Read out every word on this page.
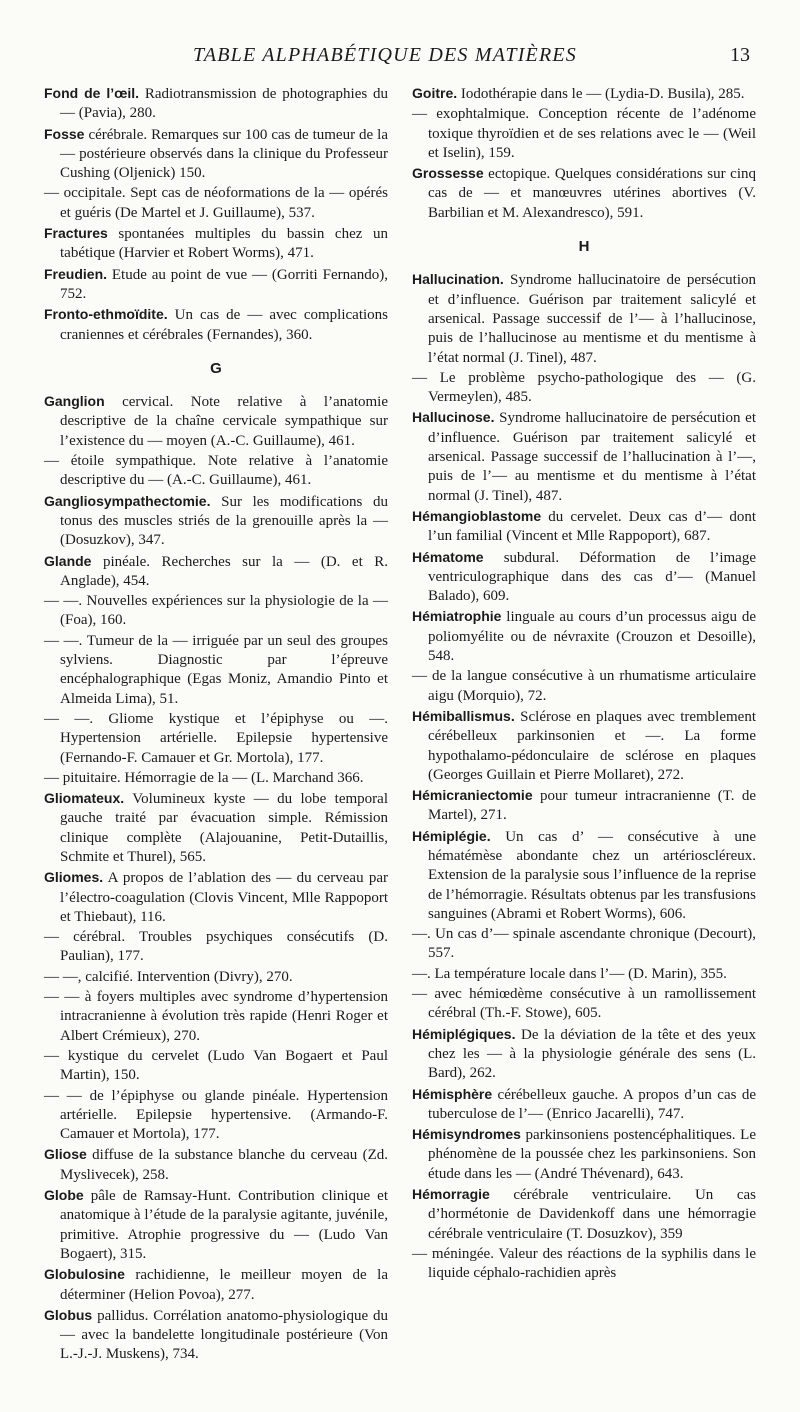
TABLE ALPHABÉTIQUE DES MATIÈRES	13
Fond de l’œil. Radiotransmission de photographies du — (Pavia), 280.
Fosse cérébrale. Remarques sur 100 cas de tumeur de la — postérieure observés dans la clinique du Professeur Cushing (Oljenick) 150.
— occipitale. Sept cas de néoformations de la — opérés et guéris (De Martel et J. Guillaume), 537.
Fractures spontanées multiples du bassin chez un tabétique (Harvier et Robert Worms), 471.
Freudien. Etude au point de vue — (Gorriti Fernando), 752.
Fronto-ethmoïdite. Un cas de — avec complications craniennes et cérébrales (Fernandes), 360.
G
Ganglion cervical. Note relative à l’anatomie descriptive de la chaîne cervicale sympathique sur l’existence du — moyen (A.-C. Guillaume), 461.
— étoile sympathique. Note relative à l’anatomie descriptive du — (A.-C. Guillaume), 461.
Gangliosympathectomie. Sur les modifications du tonus des muscles striés de la grenouille après la — (Dosuzkov), 347.
Glande pinéale. Recherches sur la — (D. et R. Anglade), 454.
— —. Nouvelles expériences sur la physiologie de la — (Foa), 160.
— —. Tumeur de la — irriguée par un seul des groupes sylviens. Diagnostic par l’épreuve encéphalographique (Egas Moniz, Amandio Pinto et Almeida Lima), 51.
— —. Gliome kystique et l’épiphyse ou —. Hypertension artérielle. Epilepsie hypertensive (Fernando-F. Camauer et Gr. Mortola), 177.
— pituitaire. Hémorragie de la — (L. Marchand 366.
Gliomateux. Volumineux kyste — du lobe temporal gauche traité par évacuation simple. Rémission clinique complète (Alajouanine, Petit-Dutaillis, Schmite et Thurel), 565.
Gliomes. A propos de l’ablation des — du cerveau par l’électro-coagulation (Clovis Vincent, Mlle Rappoport et Thiebaut), 116.
— cérébral. Troubles psychiques consécutifs (D. Paulian), 177.
— —, calcifié. Intervention (Divry), 270.
— — à foyers multiples avec syndrome d’hypertension intracranienne à évolution très rapide (Henri Roger et Albert Crémieux), 270.
— kystique du cervelet (Ludo Van Bogaert et Paul Martin), 150.
— — de l’épiphyse ou glande pinéale. Hypertension artérielle. Epilepsie hypertensive. (Armando-F. Camauer et Mortola), 177.
Gliose diffuse de la substance blanche du cerveau (Zd. Myslivecek), 258.
Globe pâle de Ramsay-Hunt. Contribution clinique et anatomique à l’étude de la paralysie agitante, juvénile, primitive. Atrophie progressive du — (Ludo Van Bogaert), 315.
Globulosine rachidienne, le meilleur moyen de la déterminer (Helion Povoa), 277.
Globus pallidus. Corrélation anatomo-physiologique du — avec la bandelette longitudinale postérieure (Von L.-J.-J. Muskens), 734.
Goitre. Iodothérapie dans le — (Lydia-D. Busila), 285.
— exophtalmique. Conception récente de l’adénome toxique thyroïdien et de ses relations avec le — (Weil et Iselin), 159.
Grossesse ectopique. Quelques considérations sur cinq cas de — et manœuvres utérines abortives (V. Barbilian et M. Alexandresco), 591.
H
Hallucination. Syndrome hallucinatoire de persécution et d’influence. Guérison par traitement salicylé et arsenical. Passage successif de l’— à l’hallucinose, puis de l’hallucinose au mentisme et du mentisme à l’état normal (J. Tinel), 487.
— Le problème psycho-pathologique des — (G. Vermeylen), 485.
Hallucinose. Syndrome hallucinatoire de persécution et d’influence. Guérison par traitement salicylé et arsenical. Passage successif de l’hallucination à l’—, puis de l’— au mentisme et du mentisme à l’état normal (J. Tinel), 487.
Hémangioblastome du cervelet. Deux cas d’— dont l’un familial (Vincent et Mlle Rappoport), 687.
Hématome subdural. Déformation de l’image ventriculographique dans des cas d’— (Manuel Balado), 609.
Hémiatrophie linguale au cours d’un processus aigu de poliomyélite ou de névraxite (Crouzon et Desoille), 548.
— de la langue consécutive à un rhumatisme articulaire aigu (Morquio), 72.
Hémiballismus. Sclérose en plaques avec tremblement cérébelleux parkinsonien et —. La forme hypothalamo-pédonculaire de sclérose en plaques (Georges Guillain et Pierre Mollaret), 272.
Hémicraniectomie pour tumeur intracranienne (T. de Martel), 271.
Hémiplégie. Un cas d’ — consécutive à une hématémèse abondante chez un artérioscléreux. Extension de la paralysie sous l’influence de la reprise de l’hémorragie. Résultats obtenus par les transfusions sanguines (Abrami et Robert Worms), 606.
—. Un cas d’— spinale ascendante chronique (Decourt), 557.
—. La température locale dans l’— (D. Marin), 355.
— avec hémiœdème consécutive à un ramollissement cérébral (Th.-F. Stowe), 605.
Hémiplégiques. De la déviation de la tête et des yeux chez les — à la physiologie générale des sens (L. Bard), 262.
Hémisphère cérébelleux gauche. A propos d’un cas de tuberculose de l’— (Enrico Jacarelli), 747.
Hémisyndromes parkinsoniens postencéphalitiques. Le phénomène de la poussée chez les parkinsoniens. Son étude dans les — (André Thévenard), 643.
Hémorragie cérébrale ventriculaire. Un cas d’hormétonie de Davidenkoff dans une hémorragie cérébrale ventriculaire (T. Dosuzkov), 359
— méningée. Valeur des réactions de la syphilis dans le liquide céphalo-rachidien après
